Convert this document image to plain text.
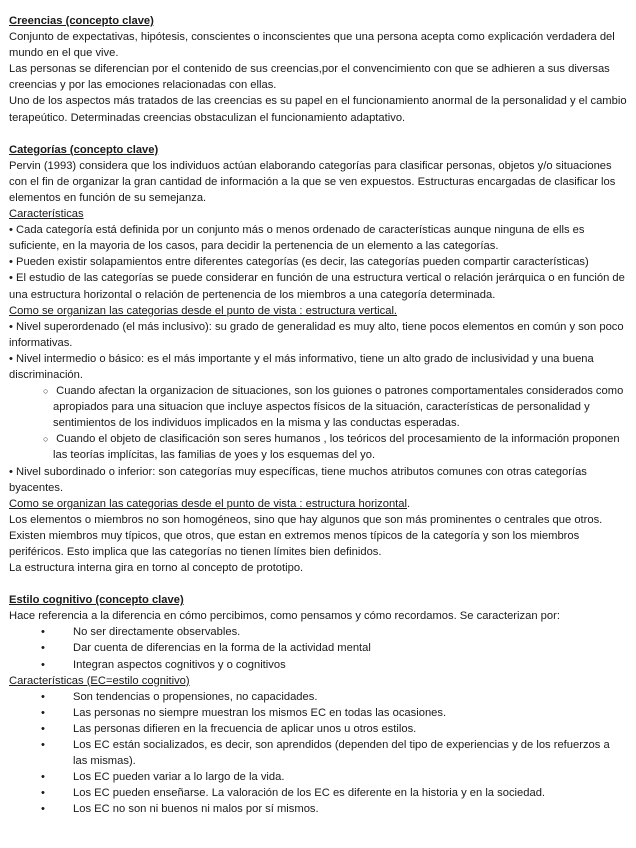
Creencias (concepto clave)

Conjunto de expectativas, hipótesis, conscientes o inconscientes que una persona acepta como explicación verdadera del mundo en el que vive.

Las personas se diferencian por el contenido de sus creencias,por el convencimiento con que se adhieren a sus diversas creencias y por las emociones relacionadas con ellas.

Uno de los aspectos más tratados de las creencias es su papel en el funcionamiento anormal de la personalidad y el cambio terapeútico. Determinadas creencias obstaculizan el funcionamiento adaptativo.

Categorías (concepto clave)

Pervin (1993) considera que los individuos actúan elaborando categorías para clasificar personas, objetos y/o situaciones con el fin de organizar la gran cantidad de información a la que se ven expuestos. Estructuras encargadas de clasificar los elementos en función de su semejanza.

Características

• Cada categoría está definida por un conjunto más o menos ordenado de características aunque ninguna de ells es suficiente, en la mayoria de los casos, para decidir la pertenencia de un elemento a las categorías.

• Pueden existir solapamientos entre diferentes categorías (es decir, las categorías pueden compartir características)

• El estudio de las categorías se puede considerar en función de una estructura vertical o relación jerárquica o en función de una estructura horizontal o relación de pertenencia de los miembros a una categoría determinada.

Como se organizan las categorias desde el punto de vista : estructura vertical.

• Nivel superordenado (el más inclusivo): su grado de generalidad es muy alto, tiene pocos elementos en común y son poco informativas.

• Nivel intermedio o básico: es el más importante y el más informativo, tiene un alto grado de inclusividad y una buena discriminación.

○ Cuando afectan la organizacion de situaciones, son los guiones o patrones comportamentales considerados como apropiados para una situacion que incluye aspectos físicos de la situación, características de personalidad y sentimientos de los individuos implicados en la misma y las conductas esperadas.

○ Cuando el objeto de clasificación son seres humanos , los teóricos del procesamiento de la información proponen las teorías implícitas, las familias de yoes y los esquemas del yo.

• Nivel subordinado o inferior: son categorías muy específicas, tiene muchos atributos comunes con otras categorías byacentes.

Como se organizan las categorias desde el punto de vista : estructura horizontal.

Los elementos o miembros no son homogéneos, sino que hay algunos que son más prominentes o centrales que otros. Existen miembros muy típicos, que otros, que estan en extremos menos típicos de la categoría y son los miembros periféricos. Esto implica que las categorías no tienen límites bien definidos.

La estructura interna gira en torno al concepto de prototipo.

Estilo cognitivo (concepto clave)

Hace referencia a la diferencia en cómo percibimos, como pensamos y cómo recordamos. Se caracterizan por:

•	No ser directamente observables.

•	Dar cuenta de diferencias en la forma de la actividad mental

•	Integran aspectos cognitivos y o cognitivos

Características (EC=estilo cognitivo)

•	Son tendencias o propensiones, no capacidades.

•	Las personas no siempre muestran los mismos EC en todas las ocasiones.

•	Las personas difieren en la frecuencia de aplicar unos u otros estilos.

•	Los EC están socializados, es decir, son aprendidos (dependen del tipo de experiencias y de los refuerzos a las mismas).

•	Los EC pueden variar a lo largo de la vida.

•	Los EC pueden enseñarse. La valoración de los EC es diferente en la historia y en la sociedad.

•	Los EC no son ni buenos ni malos por sí mismos.
